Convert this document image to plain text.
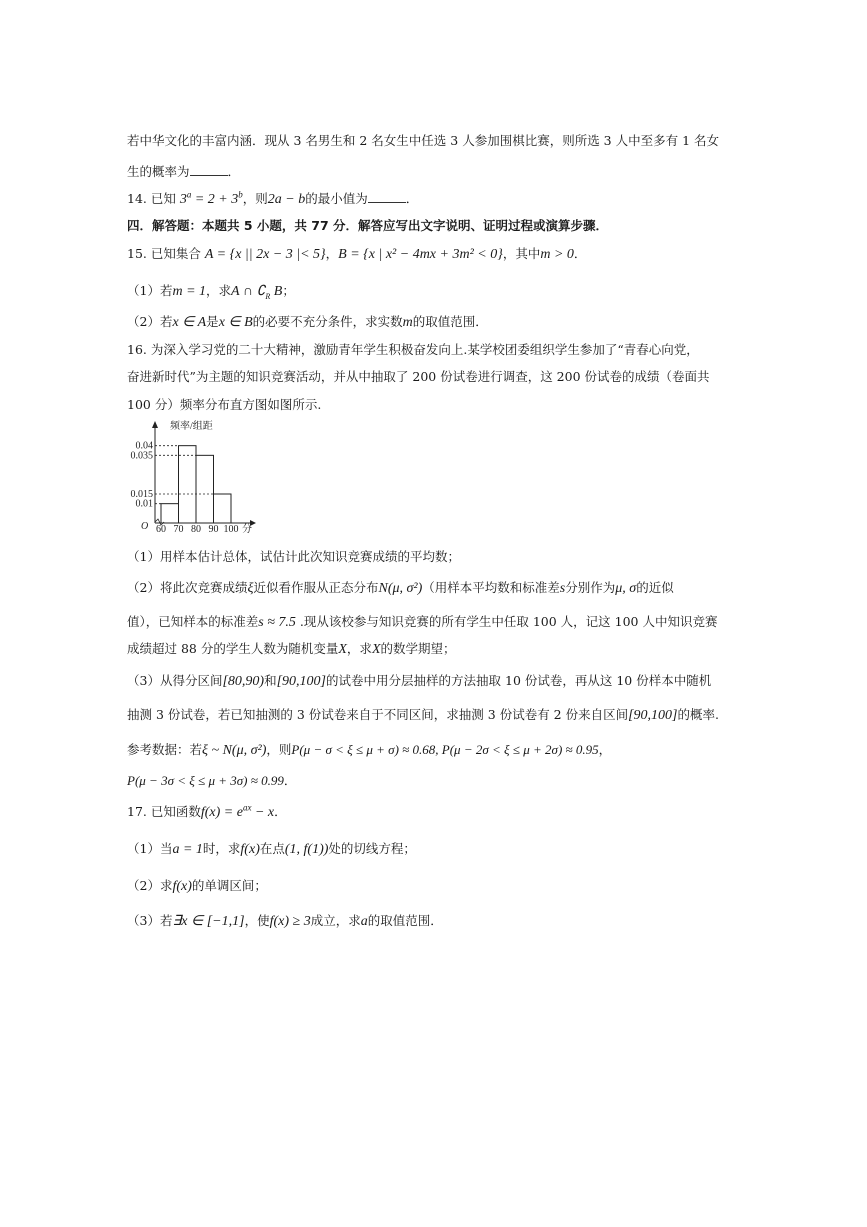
若中华文化的丰富内涵．现从 3 名男生和 2 名女生中任选 3 人参加围棋比赛，则所选 3 人中至多有 1 名女
生的概率为	．
14. 已知 $3^a = 2 + 3^b$，则2a − b的最小值为	．
四．解答题：本题共 5 小题，共 77 分．解答应写出文字说明、证明过程或演算步骤．
15. 已知集合 A = {x || 2x − 3 |< 5}，B = {x | x² − 4mx + 3m² < 0}，其中m > 0．
（1）若m = 1，求A ∩ $∁_R$ B；
（2）若x ∈ A是x ∈ B的必要不充分条件，求实数m的取值范围．
16. 为深入学习党的二十大精神，激励青年学生积极奋发向上.某学校团委组织学生参加了“青春心向党，
奋进新时代”为主题的知识竞赛活动，并从中抽取了 200 份试卷进行调查，这 200 份试卷的成绩（卷面共
100 分）频率分布直方图如图所示.
频率/组距
分
O
0.01
0.015
0.035
0.04
60 70 80 90 100
（1）用样本估计总体，试估计此次知识竞赛成绩的平均数；
（2）将此次竞赛成绩ξ近似看作服从正态分布N(μ, σ²)（用样本平均数和标准差s分别作为μ, σ的近似
值），已知样本的标准差s ≈ 7.5 .现从该校参与知识竞赛的所有学生中任取 100 人，记这 100 人中知识竞赛
成绩超过 88 分的学生人数为随机变量X，求X的数学期望；
（3）从得分区间[80,90)和[90,100]的试卷中用分层抽样的方法抽取 10 份试卷，再从这 10 份样本中随机
抽测 3 份试卷，若已知抽测的 3 份试卷来自于不同区间，求抽测 3 份试卷有 2 份来自区间[90,100]的概率.
参考数据：若ξ ~ N(μ, σ²)，则P(μ − σ < ξ ≤ μ + σ) ≈ 0.68, P(μ − 2σ < ξ ≤ μ + 2σ) ≈ 0.95，
P(μ − 3σ < ξ ≤ μ + 3σ) ≈ 0.99．
17. 已知函数$f(x) = e^{ax} - x$．
（1）当a = 1时，求f(x)在点(1, f(1))处的切线方程；
（2）求f(x)的单调区间；
（3）若∃x ∈ [−1,1]，使f(x) ≥ 3成立，求a的取值范围．
